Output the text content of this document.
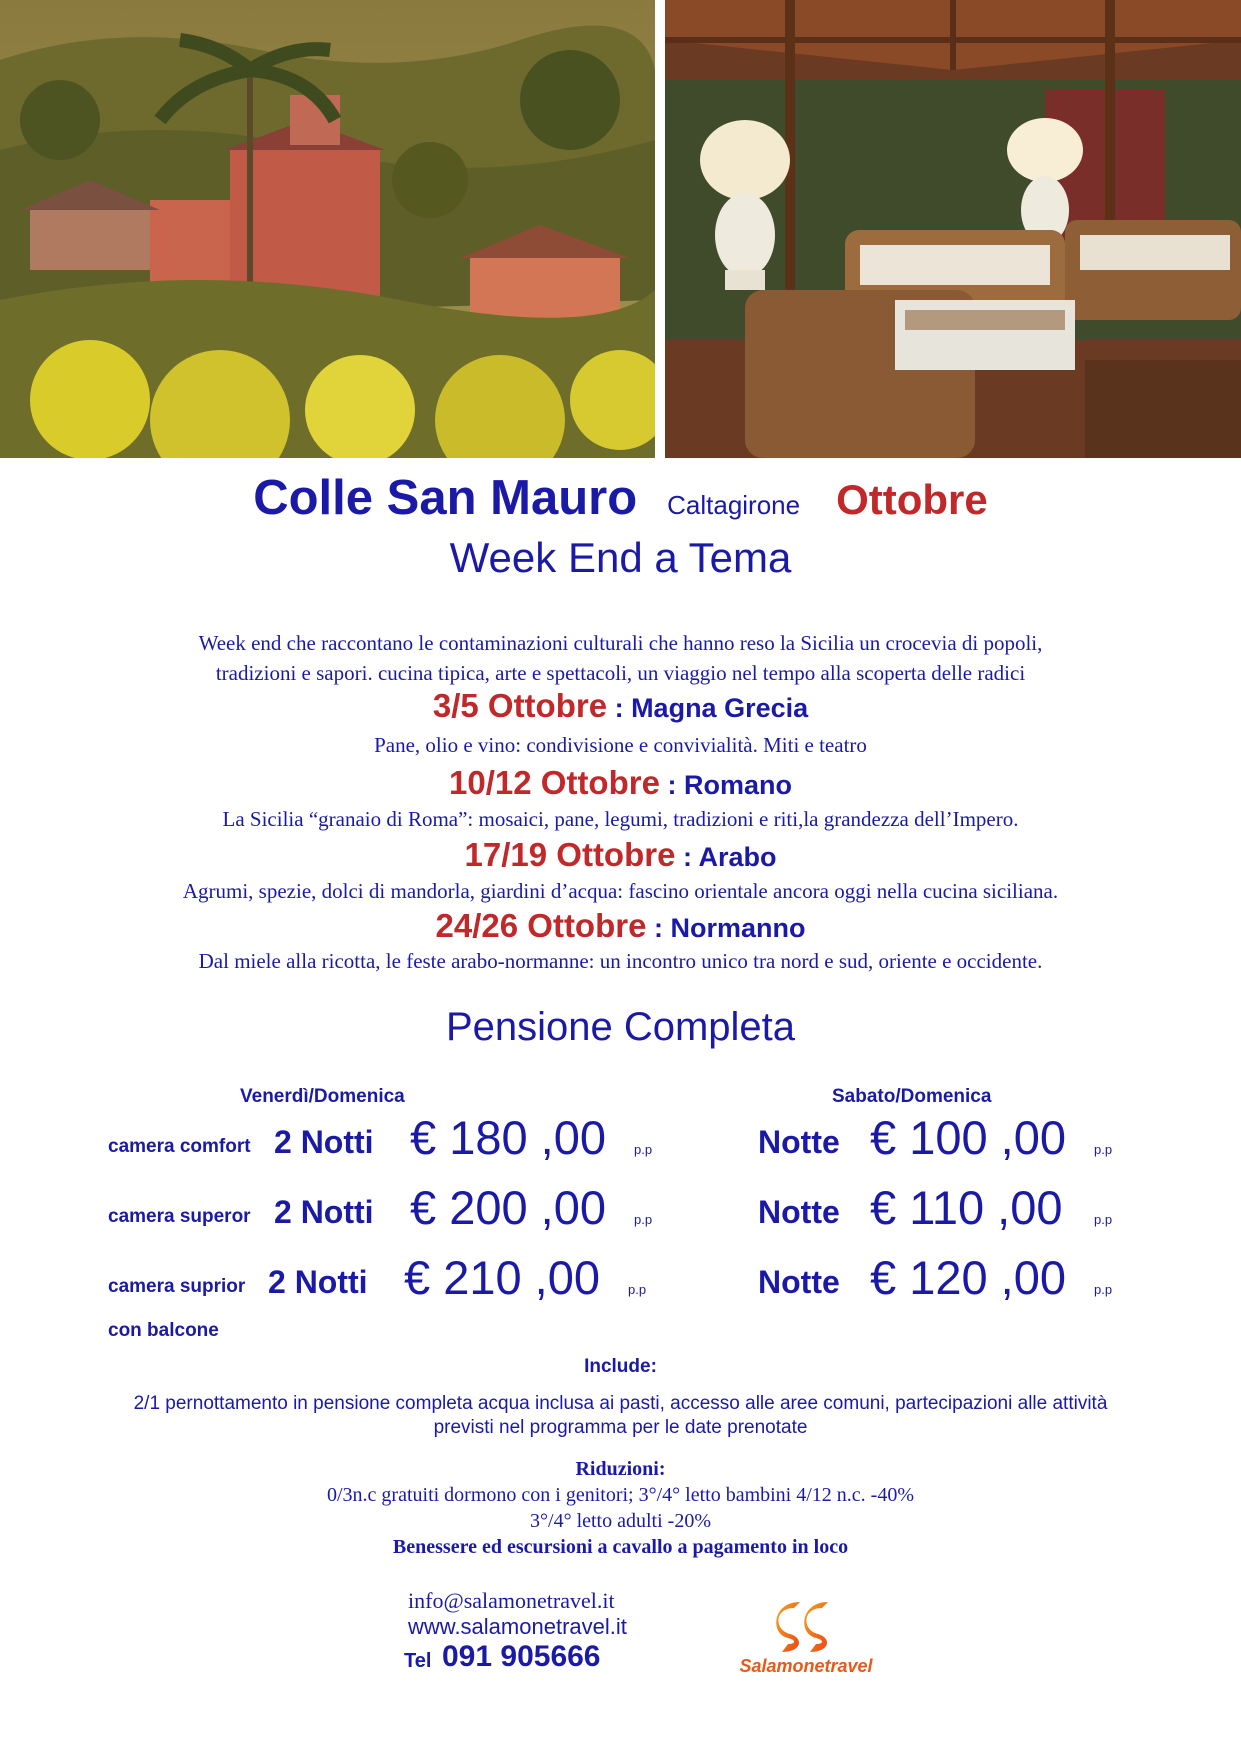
Colle San Mauro Caltagirone Ottobre
Week End a Tema
Week end che raccontano le contaminazioni culturali che hanno reso la Sicilia un crocevia di popoli,
tradizioni e sapori. cucina tipica, arte e spettacoli, un viaggio nel tempo alla scoperta delle radici
3/5 Ottobre : Magna Grecia
Pane, olio e vino: condivisione e convivialità. Miti e teatro
10/12 Ottobre : Romano
La Sicilia “granaio di Roma”: mosaici, pane, legumi, tradizioni e riti,la grandezza dell’Impero.
17/19 Ottobre : Arabo
Agrumi, spezie, dolci di mandorla, giardini d’acqua: fascino orientale ancora oggi nella cucina siciliana.
24/26 Ottobre : Normanno
Dal miele alla ricotta, le feste arabo-normanne: un incontro unico tra nord e sud, oriente e occidente.
Pensione Completa
Venerdì/Domenica	Sabato/Domenica
camera comfort 2 Notti € 180 ,00 p.p	Notte € 100 ,00 p.p
camera superor 2 Notti € 200 ,00 p.p	Notte € 110 ,00 p.p
camera suprior 2 Notti € 210 ,00 p.p	Notte € 120 ,00 p.p
con balcone
Include:
2/1 pernottamento in pensione completa acqua inclusa ai pasti, accesso alle aree comuni, partecipazioni alle attività previsti nel programma per le date prenotate
Riduzioni:
0/3n.c gratuiti dormono con i genitori; 3°/4° letto bambini 4/12 n.c. -40%
3°/4° letto adulti -20%
Benessere ed escursioni a cavallo a pagamento in loco
info@salamonetravel.it
www.salamonetravel.it
Tel 091 905666	Salamonetravel
